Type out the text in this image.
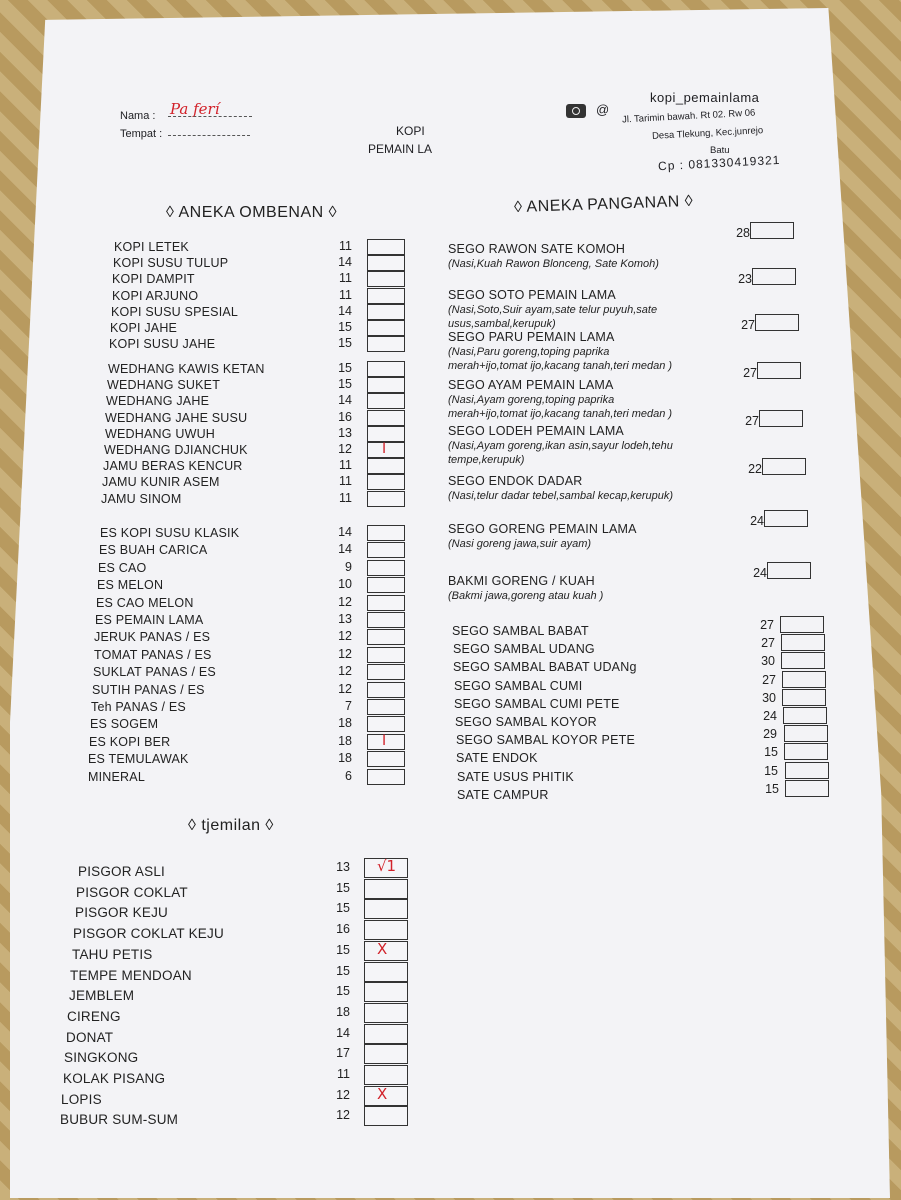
Nama : Pa ferí
Tempat :	KOPI
PEMAIN LA
@
kopi_pemainlama
Jl. Tarimin bawah. Rt 02. Rw 06
Desa Tlekung, Kec.junrejo
Batu
Cp : 081330419321
◊ ANEKA OMBENAN ◊	◊ ANEKA PANGANAN ◊
◊ tjemilan ◊
KOPI LETEK	11
KOPI SUSU TULUP	14
KOPI DAMPIT	11
KOPI ARJUNO	11
KOPI SUSU SPESIAL	14
KOPI JAHE	15
KOPI SUSU JAHE	15
WEDHANG KAWIS KETAN	15
WEDHANG SUKET	15
WEDHANG JAHE	14
WEDHANG JAHE SUSU	16
WEDHANG UWUH	13
WEDHANG DJIANCHUK	12 I
JAMU BERAS KENCUR	11
JAMU KUNIR ASEM	11
JAMU SINOM	11
ES KOPI SUSU KLASIK	14
ES BUAH CARICA	14
ES CAO	9
ES MELON	10
ES CAO MELON	12
ES PEMAIN LAMA	13
JERUK PANAS / ES	12
TOMAT PANAS / ES	12
SUKLAT PANAS / ES	12
SUTIH PANAS / ES	12
Teh PANAS / ES	7
ES SOGEM	18
ES KOPI BER	18 I
ES TEMULAWAK	18
MINERAL	6
SEGO RAWON SATE KOMOH
(Nasi,Kuah Rawon Blonceng, Sate Komoh)
28
SEGO SOTO PEMAIN LAMA
(Nasi,Soto,Suir ayam,sate telur puyuh,sate
usus,sambal,kerupuk)
23
SEGO PARU PEMAIN LAMA
(Nasi,Paru goreng,toping paprika
merah+ijo,tomat ijo,kacang tanah,teri medan )
27
SEGO AYAM PEMAIN LAMA
(Nasi,Ayam goreng,toping paprika
merah+ijo,tomat ijo,kacang tanah,teri medan )
27
SEGO LODEH PEMAIN LAMA
(Nasi,Ayam goreng,ikan asin,sayur lodeh,tehu
tempe,kerupuk)
27
SEGO ENDOK DADAR
(Nasi,telur dadar tebel,sambal kecap,kerupuk)
22
SEGO GORENG PEMAIN LAMA
(Nasi goreng jawa,suir ayam)
24
BAKMI GORENG / KUAH
(Bakmi jawa,goreng atau kuah )
24
SEGO SAMBAL BABAT	27
SEGO SAMBAL UDANG	27
SEGO SAMBAL BABAT UDANg	30
SEGO SAMBAL CUMI	27
SEGO SAMBAL CUMI PETE	30
SEGO SAMBAL KOYOR	24
SEGO SAMBAL KOYOR PETE	29
SATE ENDOK	15
SATE USUS PHITIK	15
SATE CAMPUR	15
PISGOR ASLI	13 √1
PISGOR COKLAT	15
PISGOR KEJU	15
PISGOR COKLAT KEJU	16
TAHU PETIS	15 X
TEMPE MENDOAN	15
JEMBLEM	15
CIRENG	18
DONAT	14
SINGKONG	17
KOLAK PISANG	11
LOPIS	12 X
BUBUR SUM-SUM	12
